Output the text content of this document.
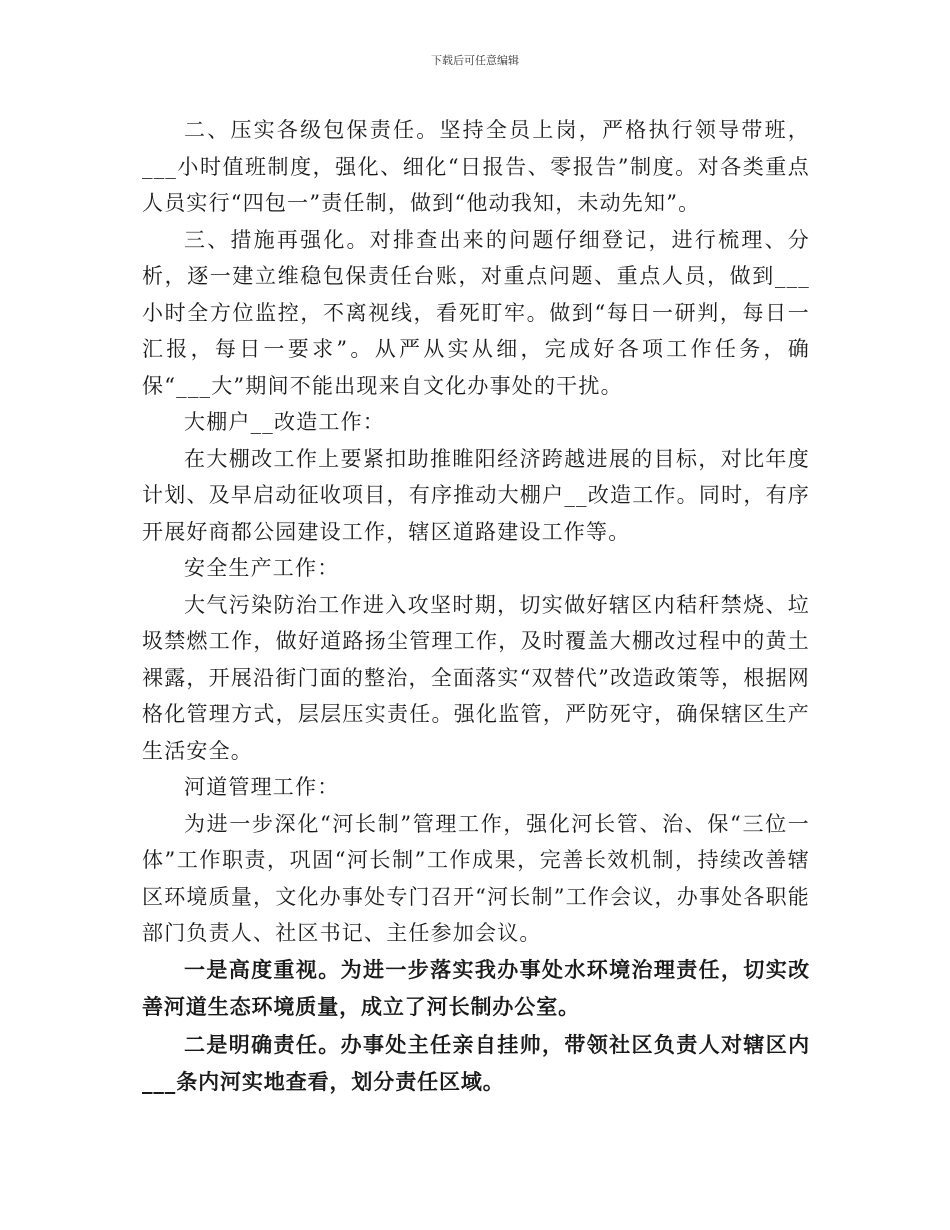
下载后可任意编辑

二、压实各级包保责任。坚持全员上岗，严格执行领导带班，___小时值班制度，强化、细化“日报告、零报告”制度。对各类重点人员实行“四包一”责任制，做到“他动我知，未动先知”。

三、措施再强化。对排查出来的问题仔细登记，进行梳理、分析，逐一建立维稳包保责任台账，对重点问题、重点人员，做到___小时全方位监控，不离视线，看死盯牢。做到“每日一研判，每日一汇报，每日一要求”。从严从实从细，完成好各项工作任务，确保“___大”期间不能出现来自文化办事处的干扰。

大棚户__改造工作：

在大棚改工作上要紧扣助推睢阳经济跨越进展的目标，对比年度计划、及早启动征收项目，有序推动大棚户__改造工作。同时，有序开展好商都公园建设工作，辖区道路建设工作等。

安全生产工作：

大气污染防治工作进入攻坚时期，切实做好辖区内秸秆禁烧、垃圾禁燃工作，做好道路扬尘管理工作，及时覆盖大棚改过程中的黄土裸露，开展沿街门面的整治，全面落实“双替代”改造政策等，根据网格化管理方式，层层压实责任。强化监管，严防死守，确保辖区生产生活安全。

河道管理工作：

为进一步深化“河长制”管理工作，强化河长管、治、保“三位一体”工作职责，巩固“河长制”工作成果，完善长效机制，持续改善辖区环境质量，文化办事处专门召开“河长制”工作会议，办事处各职能部门负责人、社区书记、主任参加会议。

一是高度重视。为进一步落实我办事处水环境治理责任，切实改善河道生态环境质量，成立了河长制办公室。

二是明确责任。办事处主任亲自挂帅，带领社区负责人对辖区内___条内河实地查看，划分责任区域。
